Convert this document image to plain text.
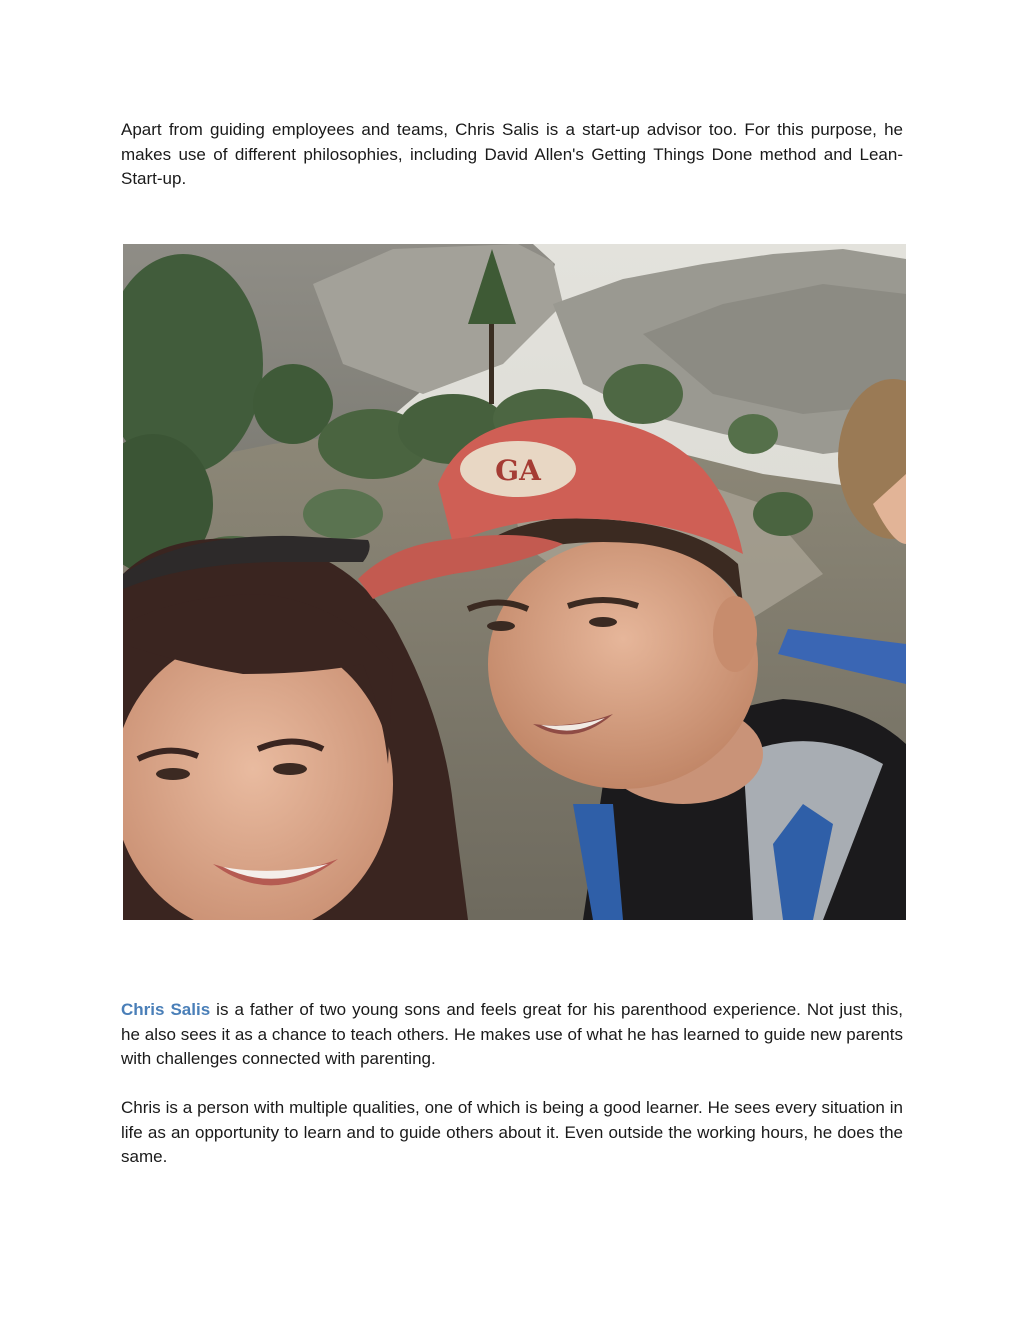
Apart from guiding employees and teams, Chris Salis is a start-up advisor too. For this purpose, he makes use of different philosophies, including David Allen's Getting Things Done method and Lean-Start-up.

GA

Chris Salis is a father of two young sons and feels great for his parenthood experience. Not just this, he also sees it as a chance to teach others. He makes use of what he has learned to guide new parents with challenges connected with parenting.

Chris is a person with multiple qualities, one of which is being a good learner. He sees every situation in life as an opportunity to learn and to guide others about it. Even outside the working hours, he does the same.
